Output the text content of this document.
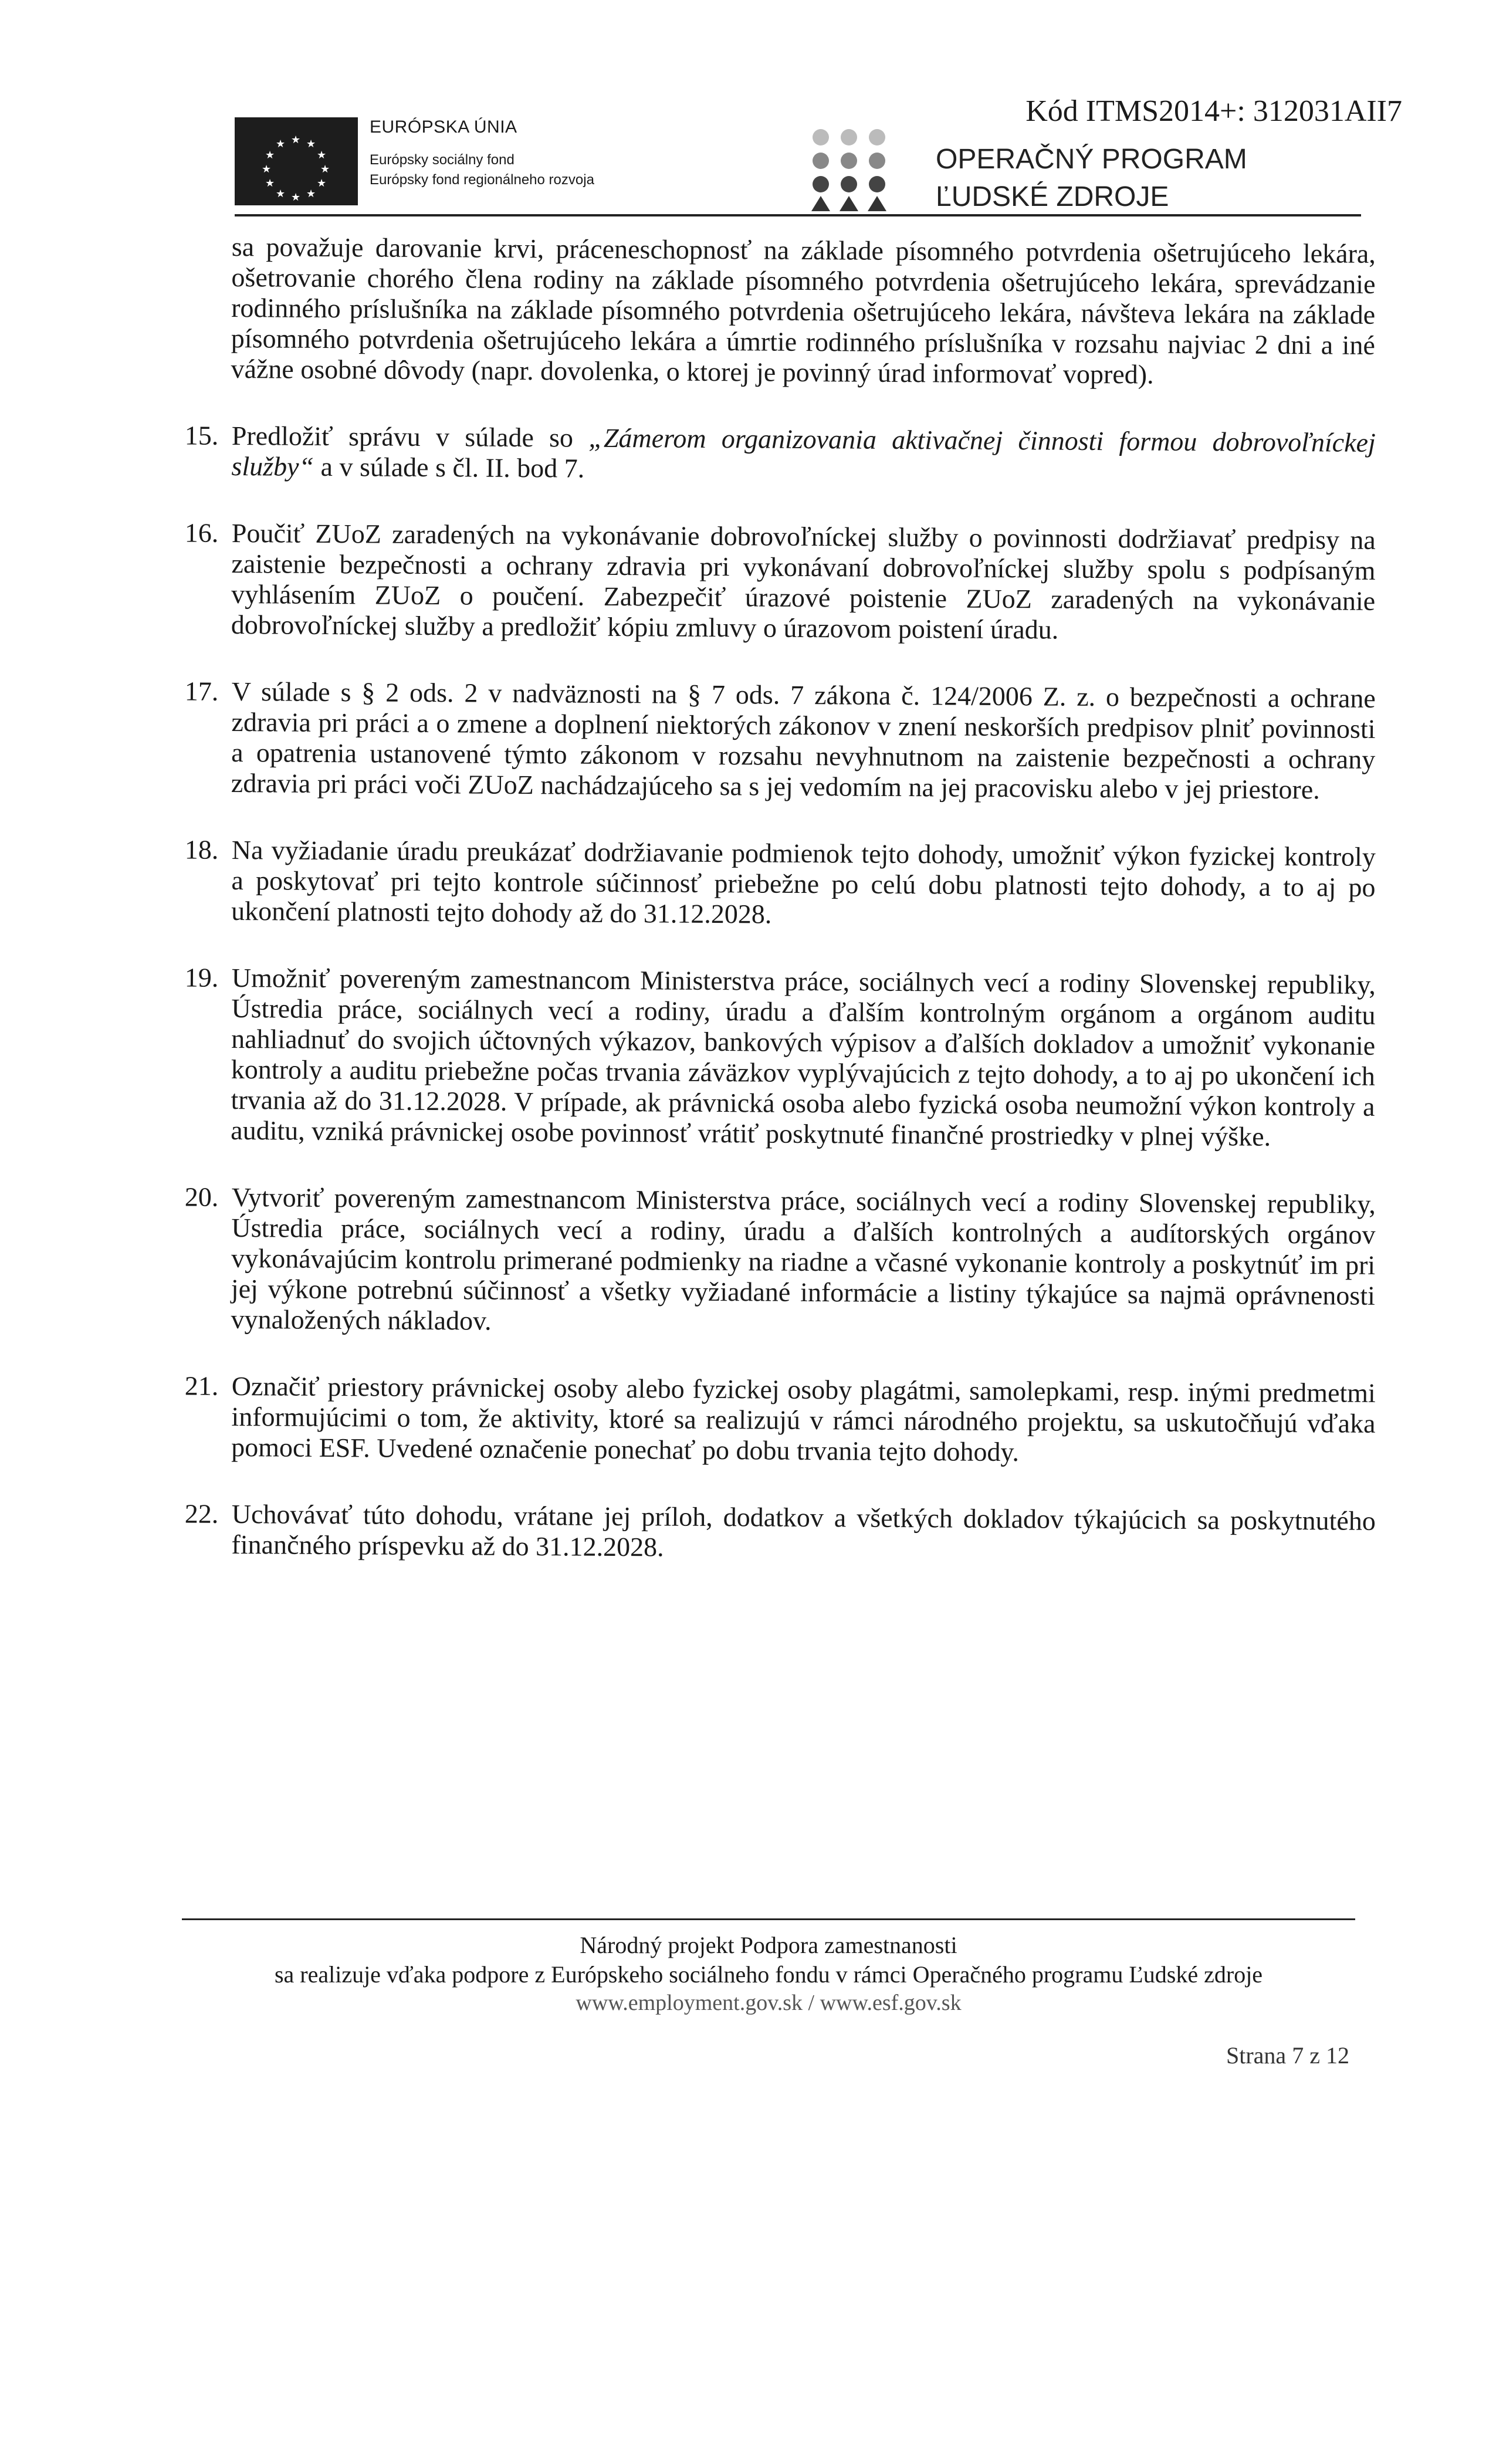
★ ★
★
★
★
★
★
★
★
★
★
★
EURÓPSKA ÚNIA
Európsky sociálny fond
Európsky fond regionálneho rozvoja
OPERAČNÝ PROGRAM
ĽUDSKÉ ZDROJE
Kód ITMS2014+: 312031AII7
sa považuje darovanie krvi, práceneschopnosť na základe písomného potvrdenia ošetrujúceho lekára, ošetrovanie chorého člena rodiny na základe písomného potvrdenia ošetrujúceho lekára, sprevádzanie rodinného príslušníka na základe písomného potvrdenia ošetrujúceho lekára, návšteva lekára na základe písomného potvrdenia ošetrujúceho lekára a úmrtie rodinného príslušníka v rozsahu najviac 2 dni a iné vážne osobné dôvody (napr. dovolenka, o ktorej je povinný úrad informovať vopred).
15. Predložiť správu v súlade so „Zámerom organizovania aktivačnej činnosti formou dobrovoľníckej služby“ a v súlade s čl. II. bod 7.
16. Poučiť ZUoZ zaradených na vykonávanie dobrovoľníckej služby o povinnosti dodržiavať predpisy na zaistenie bezpečnosti a ochrany zdravia pri vykonávaní dobrovoľníckej služby spolu s podpísaným vyhlásením ZUoZ o poučení. Zabezpečiť úrazové poistenie ZUoZ zaradených na vykonávanie dobrovoľníckej služby a predložiť kópiu zmluvy o úrazovom poistení úradu.
17. V súlade s § 2 ods. 2 v nadväznosti na § 7 ods. 7 zákona č. 124/2006 Z. z. o bezpečnosti a ochrane zdravia pri práci a o zmene a doplnení niektorých zákonov v znení neskorších predpisov plniť povinnosti a opatrenia ustanovené týmto zákonom v rozsahu nevyhnutnom na zaistenie bezpečnosti a ochrany zdravia pri práci voči ZUoZ nachádzajúceho sa s jej vedomím na jej pracovisku alebo v jej priestore.
18. Na vyžiadanie úradu preukázať dodržiavanie podmienok tejto dohody, umožniť výkon fyzickej kontroly a poskytovať pri tejto kontrole súčinnosť priebežne po celú dobu platnosti tejto dohody, a to aj po ukončení platnosti tejto dohody až do 31.12.2028.
19. Umožniť povereným zamestnancom Ministerstva práce, sociálnych vecí a rodiny Slovenskej republiky, Ústredia práce, sociálnych vecí a rodiny, úradu a ďalším kontrolným orgánom a orgánom auditu nahliadnuť do svojich účtovných výkazov, bankových výpisov a ďalších dokladov a umožniť vykonanie kontroly a auditu priebežne počas trvania záväzkov vyplývajúcich z tejto dohody, a to aj po ukončení ich trvania až do 31.12.2028. V prípade, ak právnická osoba alebo fyzická osoba neumožní výkon kontroly a auditu, vzniká právnickej osobe povinnosť vrátiť poskytnuté finančné prostriedky v plnej výške.
20. Vytvoriť povereným zamestnancom Ministerstva práce, sociálnych vecí a rodiny Slovenskej republiky, Ústredia práce, sociálnych vecí a rodiny, úradu a ďalších kontrolných a audítorských orgánov vykonávajúcim kontrolu primerané podmienky na riadne a včasné vykonanie kontroly a poskytnúť im pri jej výkone potrebnú súčinnosť a všetky vyžiadané informácie a listiny týkajúce sa najmä oprávnenosti vynaložených nákladov.
21. Označiť priestory právnickej osoby alebo fyzickej osoby plagátmi, samolepkami, resp. inými predmetmi informujúcimi o tom, že aktivity, ktoré sa realizujú v rámci národného projektu, sa uskutočňujú vďaka pomoci ESF. Uvedené označenie ponechať po dobu trvania tejto dohody.
22. Uchovávať túto dohodu, vrátane jej príloh, dodatkov a všetkých dokladov týkajúcich sa poskytnutého finančného príspevku až do 31.12.2028.
Národný projekt Podpora zamestnanosti
sa realizuje vďaka podpore z Európskeho sociálneho fondu v rámci Operačného programu Ľudské zdroje
www.employment.gov.sk / www.esf.gov.sk
Strana 7 z 12
